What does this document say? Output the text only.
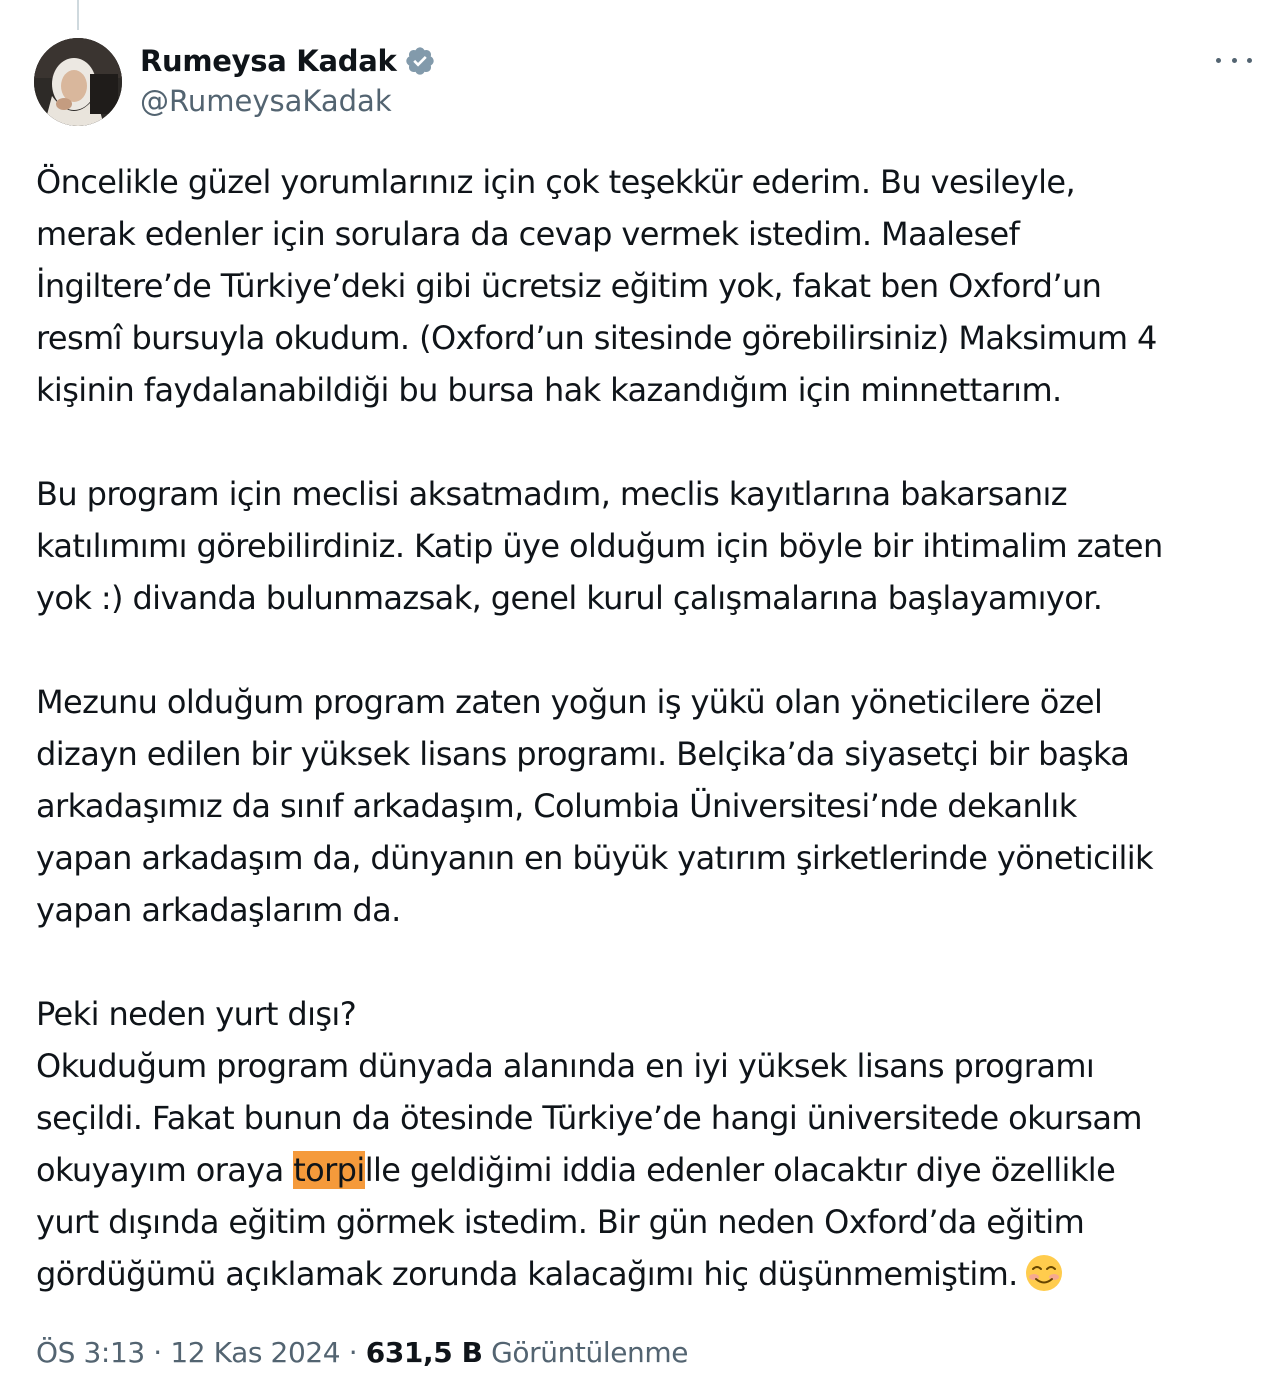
Rumeysa Kadak
@RumeysaKadak
Öncelikle güzel yorumlarınız için çok teşekkür ederim. Bu vesileyle,
merak edenler için sorulara da cevap vermek istedim. Maalesef
İngiltere’de Türkiye’deki gibi ücretsiz eğitim yok, fakat ben Oxford’un
resmî bursuyla okudum. (Oxford’un sitesinde görebilirsiniz) Maksimum 4
kişinin faydalanabildiği bu bursa hak kazandığım için minnettarım.
Bu program için meclisi aksatmadım, meclis kayıtlarına bakarsanız
katılımımı görebilirdiniz. Katip üye olduğum için böyle bir ihtimalim zaten
yok :) divanda bulunmazsak, genel kurul çalışmalarına başlayamıyor.
Mezunu olduğum program zaten yoğun iş yükü olan yöneticilere özel
dizayn edilen bir yüksek lisans programı. Belçika’da siyasetçi bir başka
arkadaşımız da sınıf arkadaşım, Columbia Üniversitesi’nde dekanlık
yapan arkadaşım da, dünyanın en büyük yatırım şirketlerinde yöneticilik
yapan arkadaşlarım da.
Peki neden yurt dışı?
Okuduğum program dünyada alanında en iyi yüksek lisans programı
seçildi. Fakat bunun da ötesinde Türkiye’de hangi üniversitede okursam
okuyayım oraya torpille geldiğimi iddia edenler olacaktır diye özellikle
yurt dışında eğitim görmek istedim. Bir gün neden Oxford’da eğitim
gördüğümü açıklamak zorunda kalacağımı hiç düşünmemiştim.
ÖS 3:13 · 12 Kas 2024 · 631,5 B Görüntülenme
